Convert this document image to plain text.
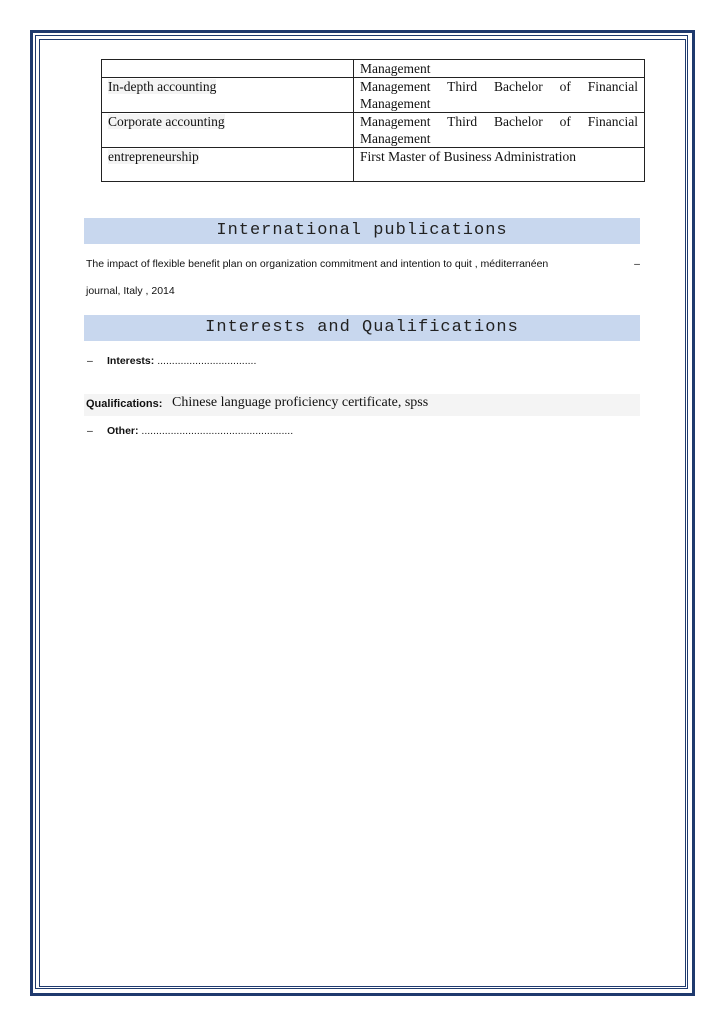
	Management
In-depth accounting	Management Third Bachelor of Financial Management
Corporate accounting	Management Third Bachelor of Financial Management
entrepreneurship	First Master of Business Administration
International publications
The impact of flexible benefit plan on organization commitment and intention to quit , méditerranéen	–
journal, Italy , 2014
Interests and Qualifications
– Interests: ..................................
Qualifications: Chinese language proficiency certificate, spss
– Other: ....................................................
